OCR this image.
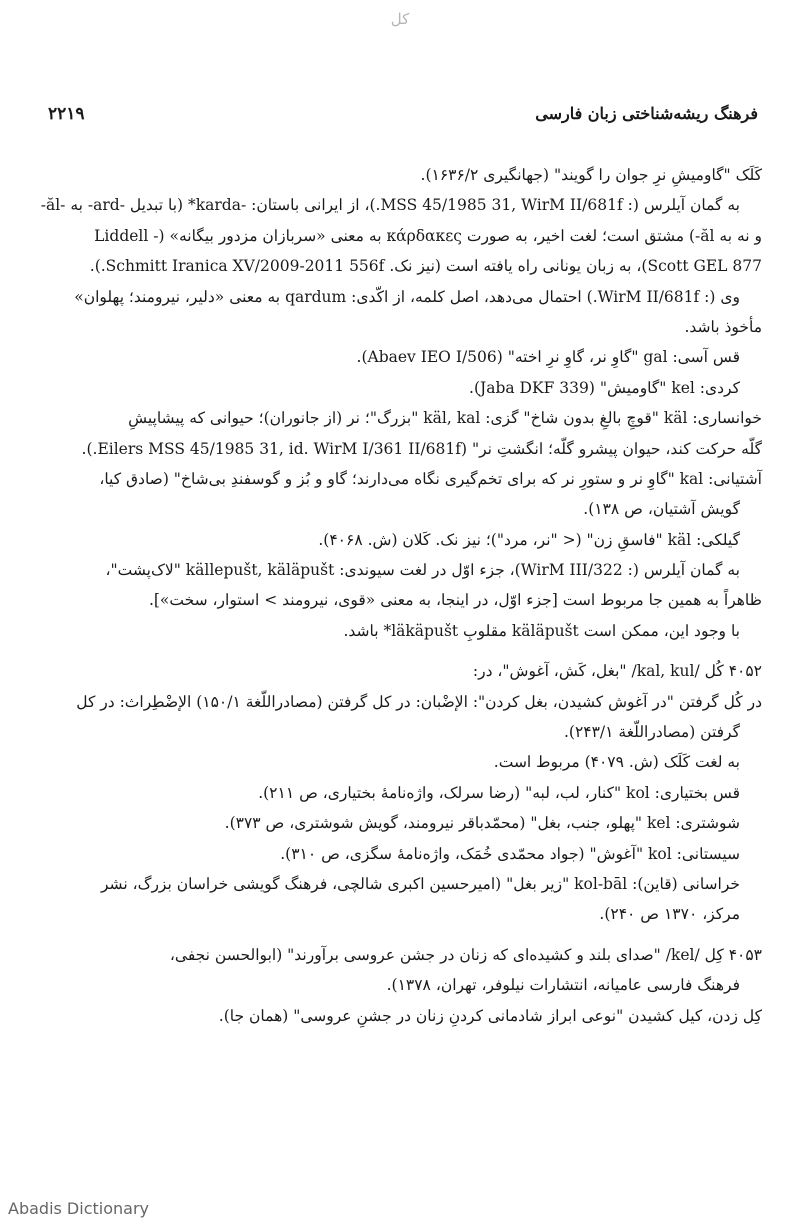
کل
۲۲۱۹	فرهنگ ریشه‌شناختی زبان فارسی
کَلَک "گاومیشِ نرِ جوان را گویند" (جهانگیری ۱۶۳۶/۲).
به گمان آیلرس (: MSS 45/1985 31, WirM II/681f.)، از ایرانی باستان: -karda* (با تبدیل -ard- به -ăl-
و نه به ăl-) مشتق است؛ لغت اخیر، به صورت κάρδακες به معنی «سربازان مزدور بیگانه» (- Liddell
Scott GEL 877)، به زبان یونانی راه یافته است (نیز نک. Schmitt Iranica XV/2009-2011 556f.).
وی (: WirM II/681f.) احتمال می‌دهد، اصل کلمه، از اکّدی: qardum به معنی «دلیر، نیرومند؛ پهلوان»
مأخوذ باشد.
قس آسی: gal "گاوِ نر، گاوِ نرِ اخته" (Abaev IEO I/506).
کردی: kel "گاومیش" (Jaba DKF 339).
خوانساری: käl "قوچِ بالغِ بدون شاخ" گزی: käl, kal "بزرگ"؛ نر (از جانوران)؛ حیوانی که پیشاپیشِ
گلّه حرکت کند، حیوان پیشرو گلّه؛ انگشتِ نر" (Eilers MSS 45/1985 31, id. WirM I/361 II/681f.).
آشتیانی: kal "گاوِ نر و ستورِ نر که برای تخم‌گیری نگاه می‌دارند؛ گاو و بُز و گوسفندِ بی‌شاخ" (صادق کیا،
گویش آشتیان، ص ۱۳۸).
گیلکی: käl "فاسقِ زن" (< "نر، مرد")؛ نیز نک. کَلان (ش. ۴۰۶۸).
به گمان آیلرس (: WirM III/322)، جزء اوّل در لغت سیوندی: källepušt, käläpušt "لاک‌پشت"،
ظاهراً به همین جا مربوط است [جزء اوّل، در اینجا، به معنی «قوی، نیرومند > استوار، سخت»].
با وجود این، ممکن است käläpušt مقلوبِ läkäpušt* باشد.
۴۰۵۲ کُل /kal, kul/ "بغل، کَش، آغوش"، در:
در کُل گرفتن "در آغوش کشیدن، بغل کردن": الإضْبان: در کل گرفتن (مصادراللّغة ۱۵۰/۱) الإضْطِراث: در کل
گرفتن (مصادراللّغة ۲۴۳/۱).
به لغت کَلَک (ش. ۴۰۷۹) مربوط است.
قس بختیاری: kol "کنار، لب، لبه" (رضا سرلک، واژه‌نامهٔ بختیاری، ص ۲۱۱).
شوشتری: kel "پهلو، جنب، بغل" (محمّدباقر نیرومند، گویش شوشتری، ص ۳۷۳).
سیستانی: kol "آغوش" (جواد محمّدی خُمَک، واژه‌نامهٔ سگزی، ص ۳۱۰).
خراسانی (قاین): kol-bāl "زیر بغل" (امیرحسین اکبری شالچی، فرهنگ گویشی خراسان بزرگ، نشر
مرکز، ۱۳۷۰ ص ۲۴۰).
۴۰۵۳ کِل /kel/ "صدای بلند و کشیده‌ای که زنان در جشن عروسی برآورند" (ابوالحسن نجفی،
فرهنگ فارسی عامیانه، انتشارات نیلوفر، تهران، ۱۳۷۸).
کِل زدن، کیل کشیدن "نوعی ابراز شادمانی کردنِ زنان در جشنِ عروسی" (همان جا).
Abadis Dictionary
